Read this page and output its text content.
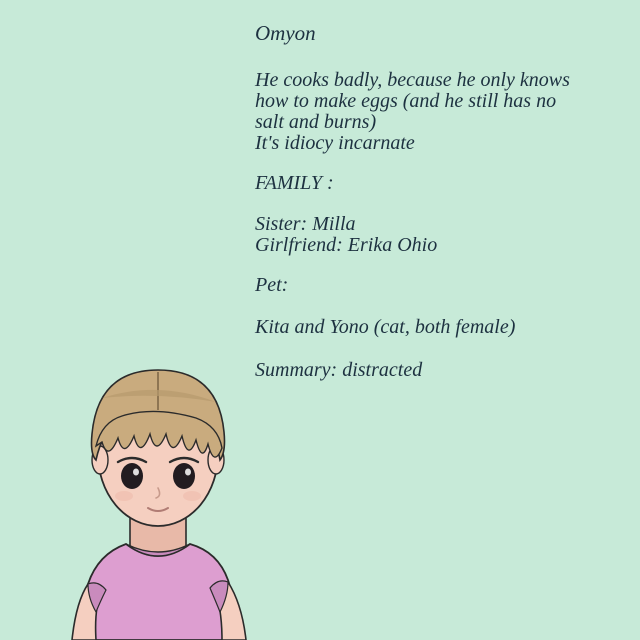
Omyon
He cooks badly, because he only knows
how to make eggs (and he still has no
salt and burns)
It's idiocy incarnate
FAMILY :
Sister: Milla
Girlfriend: Erika Ohio
Pet:
Kita and Yono (cat, both female)
Summary: distracted
